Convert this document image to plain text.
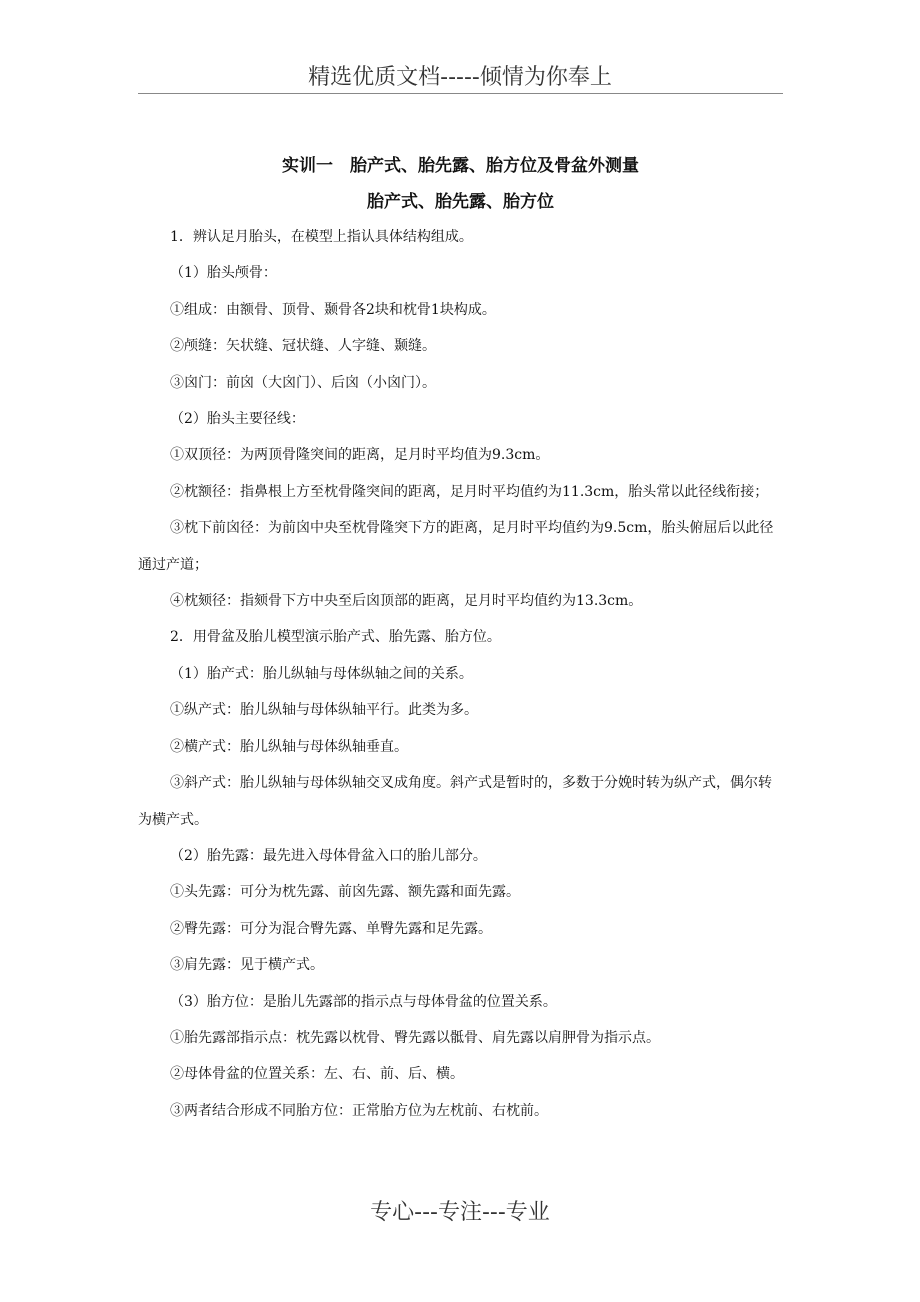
精选优质文档-----倾情为你奉上
实训一　胎产式、胎先露、胎方位及骨盆外测量
胎产式、胎先露、胎方位

1．辨认足月胎头，在模型上指认具体结构组成。

（1）胎头颅骨：

①组成：由额骨、顶骨、颞骨各2块和枕骨1块构成。

②颅缝：矢状缝、冠状缝、人字缝、颞缝。

③囟门：前囟（大囟门）、后囟（小囟门）。

（2）胎头主要径线：

①双顶径：为两顶骨隆突间的距离，足月时平均值为9.3cm。

②枕额径：指鼻根上方至枕骨隆突间的距离，足月时平均值约为11.3cm，胎头常以此径线衔接；

③枕下前囟径：为前囟中央至枕骨隆突下方的距离，足月时平均值约为9.5cm，胎头俯屈后以此径通过产道；

④枕颏径：指颏骨下方中央至后囟顶部的距离，足月时平均值约为13.3cm。

2．用骨盆及胎儿模型演示胎产式、胎先露、胎方位。

（1）胎产式：胎儿纵轴与母体纵轴之间的关系。

①纵产式：胎儿纵轴与母体纵轴平行。此类为多。

②横产式：胎儿纵轴与母体纵轴垂直。

③斜产式：胎儿纵轴与母体纵轴交叉成角度。斜产式是暂时的，多数于分娩时转为纵产式，偶尔转为横产式。

（2）胎先露：最先进入母体骨盆入口的胎儿部分。

①头先露：可分为枕先露、前囟先露、额先露和面先露。

②臀先露：可分为混合臀先露、单臀先露和足先露。

③肩先露：见于横产式。

（3）胎方位：是胎儿先露部的指示点与母体骨盆的位置关系。

①胎先露部指示点：枕先露以枕骨、臀先露以骶骨、肩先露以肩胛骨为指示点。

②母体骨盆的位置关系：左、右、前、后、横。

③两者结合形成不同胎方位：正常胎方位为左枕前、右枕前。

专心---专注---专业
